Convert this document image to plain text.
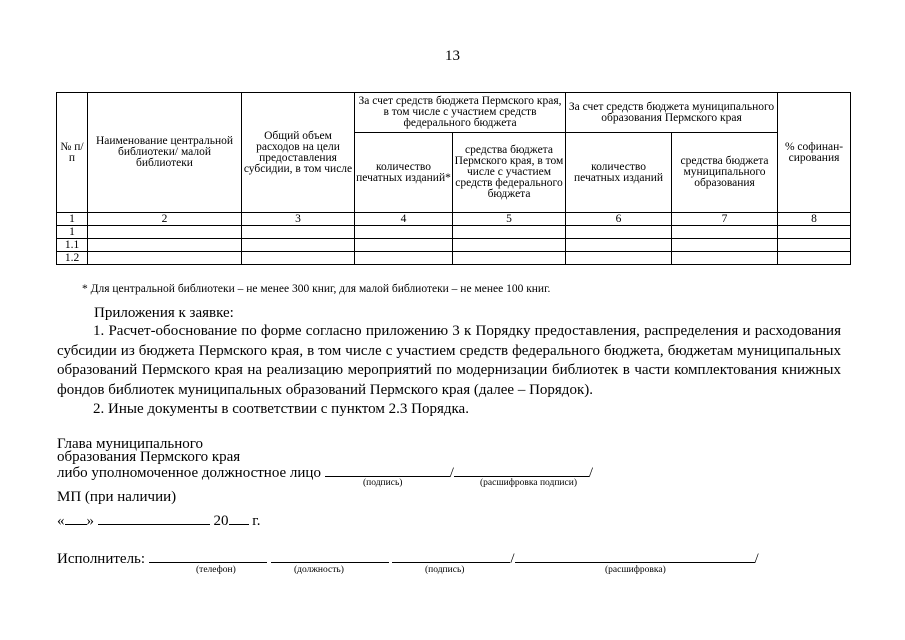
13
№ п/п	Наименование центральной библиотеки/ малой библиотеки	Общий объем расходов на цели предоставления субсидии, в том числе	За счет средств бюджета Пермского края, в том числе с участием средств федерального бюджета		За счет средств бюджета муниципального образования Пермского края		% софинан-сирования
			количество печатных изданий*	средства бюджета Пермского края, в том числе с участием средств федерального бюджета	количество печатных изданий	средства бюджета муниципального образования	
1	2	3	4	5	6	7	8
1							
1.1							
1.2							
* Для центральной библиотеки – не менее 300 книг, для малой библиотеки – не менее 100 книг.
Приложения к заявке:

1. Расчет-обоснование по форме согласно приложению 3 к Порядку предоставления, распределения и расходования субсидии из бюджета Пермского края, в том числе с участием средств федерального бюджета, бюджетам муниципальных образований Пермского края на реализацию мероприятий по модернизации библиотек в части комплектования книжных фондов библиотек муниципальных образований Пермского края (далее – Порядок).

2. Иные документы в соответствии с пунктом 2.3 Порядка.

Глава муниципального
образования Пермского края
либо уполномоченное должностное лицо	/	/
(подпись)	(расшифровка подписи)
МП (при наличии)
« »	20 г.
Исполнитель:	/	/
(телефон)	(должность)	(подпись)	(расшифровка)
